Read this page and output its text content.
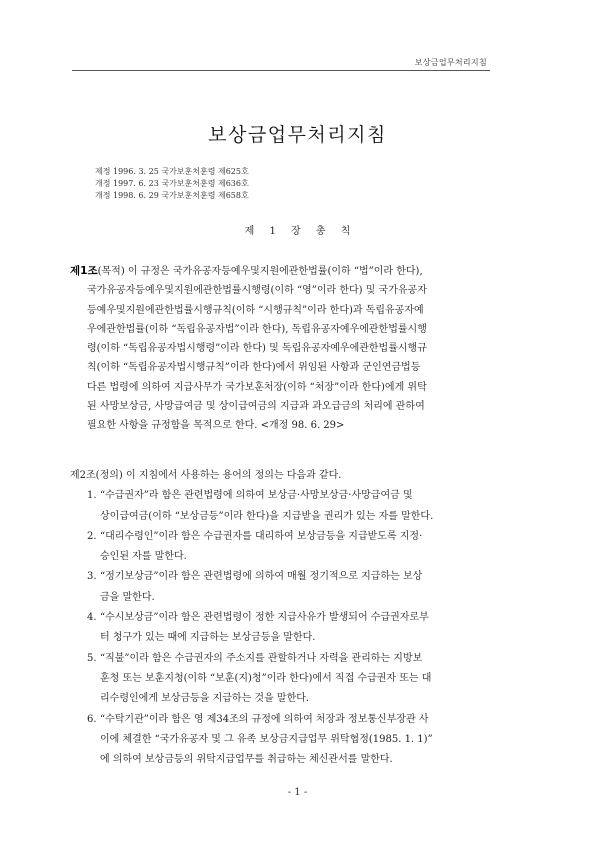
보상금업무처리지침
보상금업무처리지침
제정 1996. 3. 25 국가보훈처훈령 제625호
개정 1997. 6. 23 국가보훈처훈령 제636호
개정 1998. 6. 29 국가보훈처훈령 제658호
제 1 장 총 칙
제1조(목적) 이 규정은 국가유공자등예우및지원에관한법률(이하 “법”이라 한다),
국가유공자등예우및지원에관한법률시행령(이하 “영”이라 한다) 및 국가유공자
등예우및지원에관한법률시행규칙(이하 “시행규칙”이라 한다)과 독립유공자예
우에관한법률(이하 “독립유공자법”이라 한다), 독립유공자예우에관한법률시행
령(이하 “독립유공자법시행령”이라 한다) 및 독립유공자예우에관한법률시행규
칙(이하 “독립유공자법시행규칙”이라 한다)에서 위임된 사항과 군인연금법등
다른 법령에 의하여 지급사무가 국가보훈처장(이하 “처장”이라 한다)에게 위탁
된 사망보상금, 사망급여금 및 상이급여금의 지급과 과오급금의 처리에 관하여
필요한 사항을 규정함을 목적으로 한다. <개정 98. 6. 29>
제2조(정의) 이 지침에서 사용하는 용어의 정의는 다음과 같다.
1. “수급권자”라 함은 관련법령에 의하여 보상금·사망보상금·사망급여금 및
상이급여금(이하 “보상금등”이라 한다)을 지급받을 권리가 있는 자를 말한다.
2. “대리수령인”이라 함은 수급권자를 대리하여 보상금등을 지급받도록 지정·
승인된 자를 말한다.
3. “정기보상금”이라 함은 관련법령에 의하여 매월 정기적으로 지급하는 보상
금을 말한다.
4. “수시보상금”이라 함은 관련법령이 정한 지급사유가 발생되어 수급권자로부
터 청구가 있는 때에 지급하는 보상금등을 말한다.
5. “직불”이라 함은 수급권자의 주소지를 관할하거나 자력을 관리하는 지방보
훈청 또는 보훈지청(이하 “보훈(지)청”이라 한다)에서 직접 수급권자 또는 대
리수령인에게 보상금등을 지급하는 것을 말한다.
6. “수탁기관”이라 함은 영 제34조의 규정에 의하여 처장과 정보통신부장관 사
이에 체결한 “국가유공자 및 그 유족 보상금지급업무 위탁협정(1985. 1. 1)”
에 의하여 보상금등의 위탁지급업무를 취급하는 체신관서를 말한다.
- 1 -
